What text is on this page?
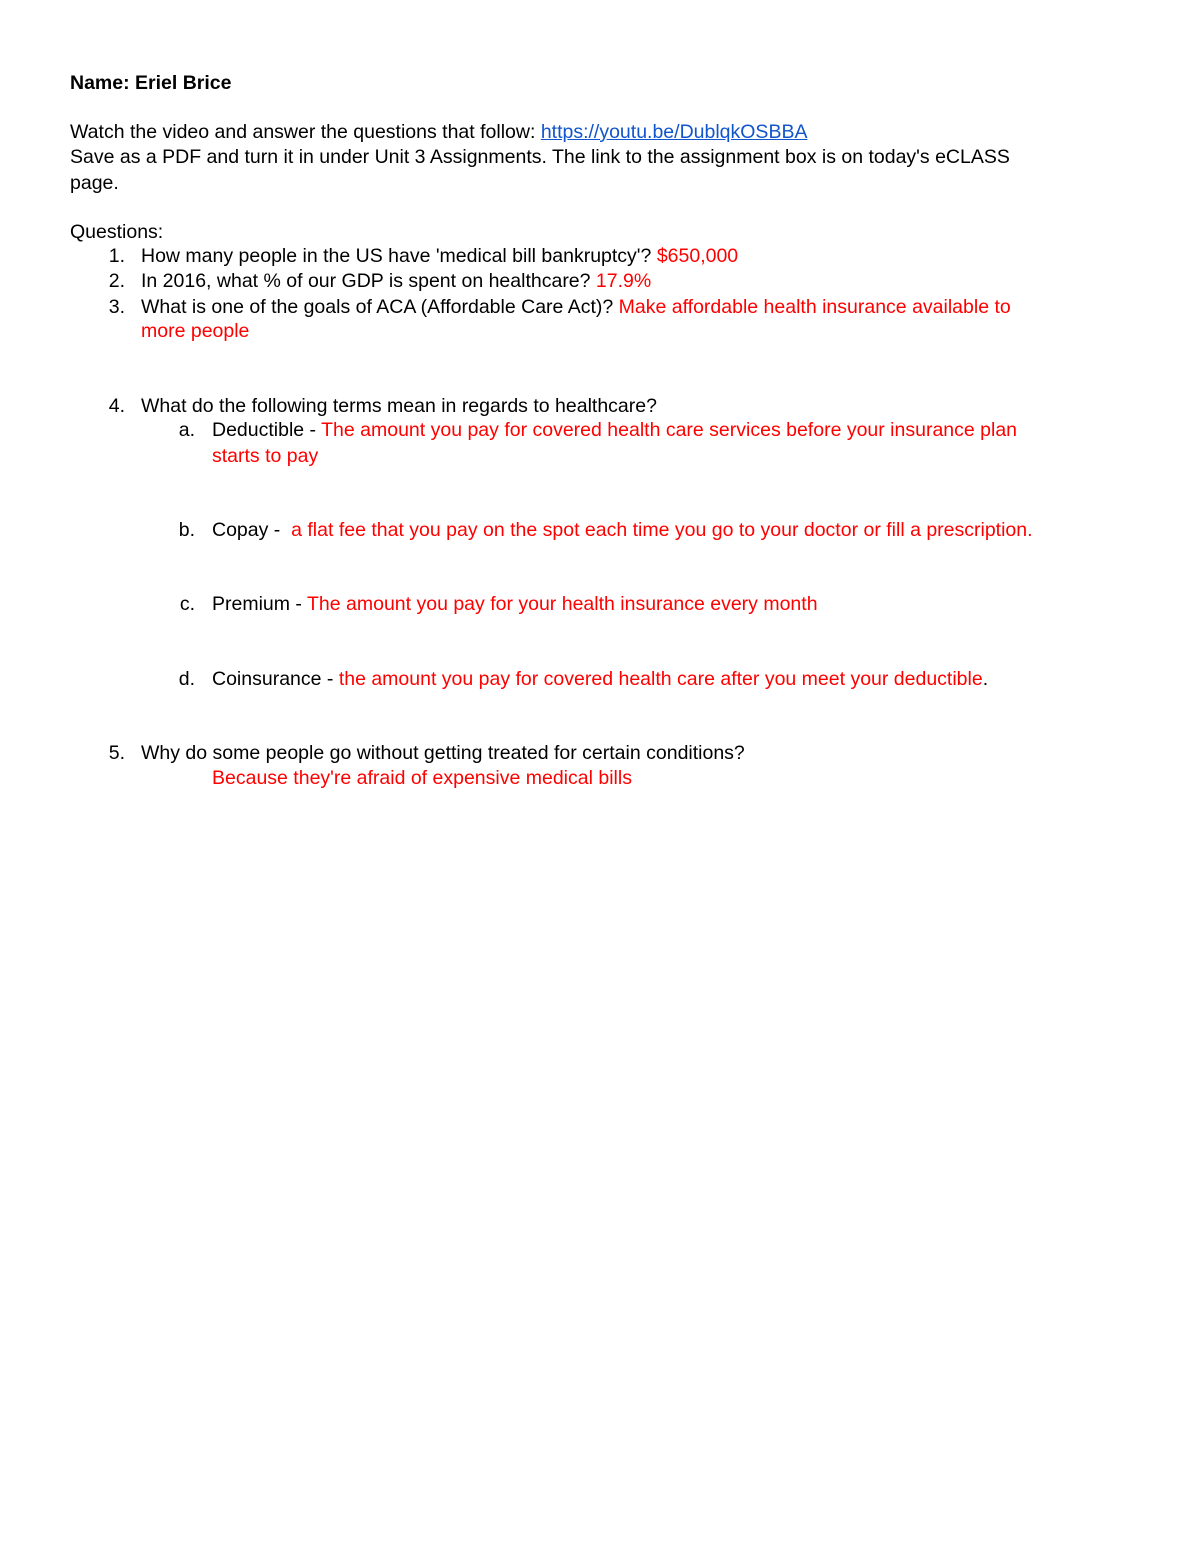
Name: Eriel Brice
Watch the video and answer the questions that follow: https://youtu.be/DublqkOSBBA
Save as a PDF and turn it in under Unit 3 Assignments. The link to the assignment box is on today's eCLASS
page.
Questions:
1. How many people in the US have 'medical bill bankruptcy'? $650,000
2. In 2016, what % of our GDP is spent on healthcare? 17.9%
3. What is one of the goals of ACA (Affordable Care Act)? Make affordable health insurance available to
more people
4. What do the following terms mean in regards to healthcare?
a. Deductible - The amount you pay for covered health care services before your insurance plan
starts to pay
b. Copay -  a flat fee that you pay on the spot each time you go to your doctor or fill a prescription.
c. Premium - The amount you pay for your health insurance every month
d. Coinsurance - the amount you pay for covered health care after you meet your deductible.
5. Why do some people go without getting treated for certain conditions?
Because they're afraid of expensive medical bills
